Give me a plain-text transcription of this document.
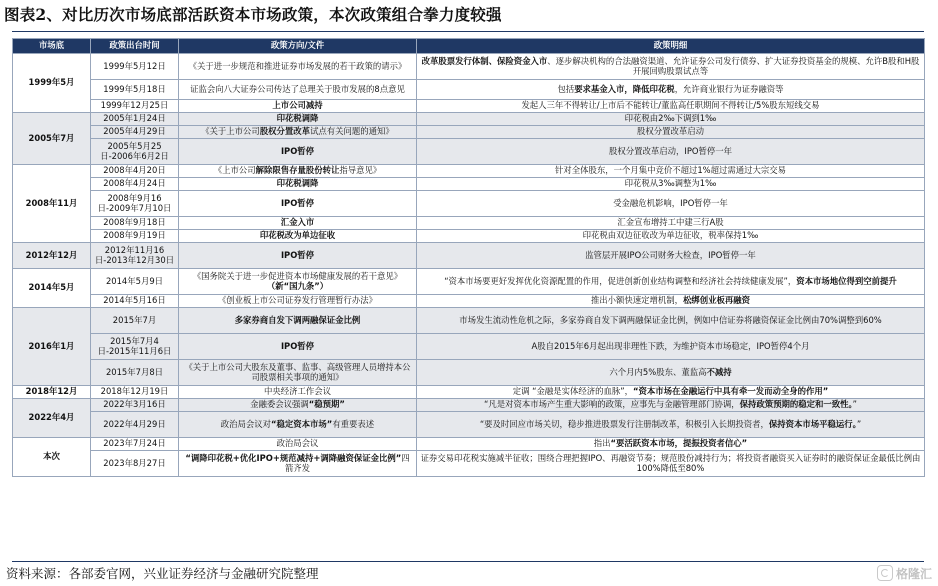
图表2、对比历次市场底部活跃资本市场政策，本次政策组合拳力度较强
市场底	政策出台时间	政策方向/文件	政策明细
1999年5月	1999年5月12日	《关于进一步规范和推进证券市场发展的若干政策的请示》	改革股票发行体制、保险资金入市、逐步解决机构的合法融资渠道、允许证券公司发行债券、扩大证券投资基金的规模、允许B股和H股开展回购股票试点等
	1999年5月18日	证监会向八大证券公司传达了总理关于股市发展的8点意见	包括要求基金入市，降低印花税，允许商业银行为证券融资等
	1999年12月25日	上市公司减持	发起人三年不得转让/上市后不能转让/董监高任职期间不得转让/5%股东短线交易
2005年7月	2005年1月24日	印花税调降	印花税由2‰下调到1‰
	2005年4月29日	《关于上市公司股权分置改革试点有关问题的通知》	股权分置改革启动
	2005年5月25日-2006年6月2日	IPO暂停	股权分置改革启动，IPO暂停一年
2008年11月	2008年4月20日	《上市公司解除限售存量股份转让指导意见》	针对全体股东，一个月集中竞价不超过1%超过需通过大宗交易
	2008年4月24日	印花税调降	印花税从3‰调整为1‰
	2008年9月16日-2009年7月10日	IPO暂停	受金融危机影响，IPO暂停一年
	2008年9月18日	汇金入市	汇金宣布增持工中建三行A股
	2008年9月19日	印花税改为单边征收	印花税由双边征收改为单边征收，税率保持1‰
2012年12月	2012年11月16日-2013年12月30日	IPO暂停	监管层开展IPO公司财务大检查，IPO暂停一年
2014年5月	2014年5月9日	《国务院关于进一步促进资本市场健康发展的若干意见》（新“国九条”）	“资本市场要更好发挥优化资源配置的作用，促进创新创业结构调整和经济社会持续健康发展”，资本市场地位得到空前提升
	2014年5月16日	《创业板上市公司证券发行管理暂行办法》	推出小额快速定增机制，松绑创业板再融资
2016年1月	2015年7月	多家券商自发下调两融保证金比例	市场发生流动性危机之际，多家券商自发下调两融保证金比例，例如中信证券将融资保证金比例由70%调整到60%
	2015年7月4日-2015年11月6日	IPO暂停	A股自2015年6月起出现非理性下跌，为维护资本市场稳定，IPO暂停4个月
	2015年7月8日	《关于上市公司大股东及董事、监事、高级管理人员增持本公司股票相关事项的通知》	六个月内5%股东、董监高不减持
2018年12月	2018年12月19日	中央经济工作会议	定调 “金融是实体经济的血脉”，“资本市场在金融运行中具有牵一发而动全身的作用”
2022年4月	2022年3月16日	金融委会议强调“稳预期”	“凡是对资本市场产生重大影响的政策，应事先与金融管理部门协调，保持政策预期的稳定和一致性。”
	2022年4月29日	政治局会议对“稳定资本市场”有重要表述	“要及时回应市场关切，稳步推进股票发行注册制改革，积极引入长期投资者，保持资本市场平稳运行。”
本次	2023年7月24日	政治局会议	指出“要活跃资本市场，提振投资者信心”
	2023年8月27日	“调降印花税+优化IPO+规范减持+调降融资保证金比例”四箭齐发	证券交易印花税实施减半征收；围绕合理把握IPO、再融资节奏；规范股份减持行为；将投资者融资买入证券时的融资保证金最低比例由100%降低至80%
资料来源：各部委官网，兴业证券经济与金融研究院整理	格隆汇
